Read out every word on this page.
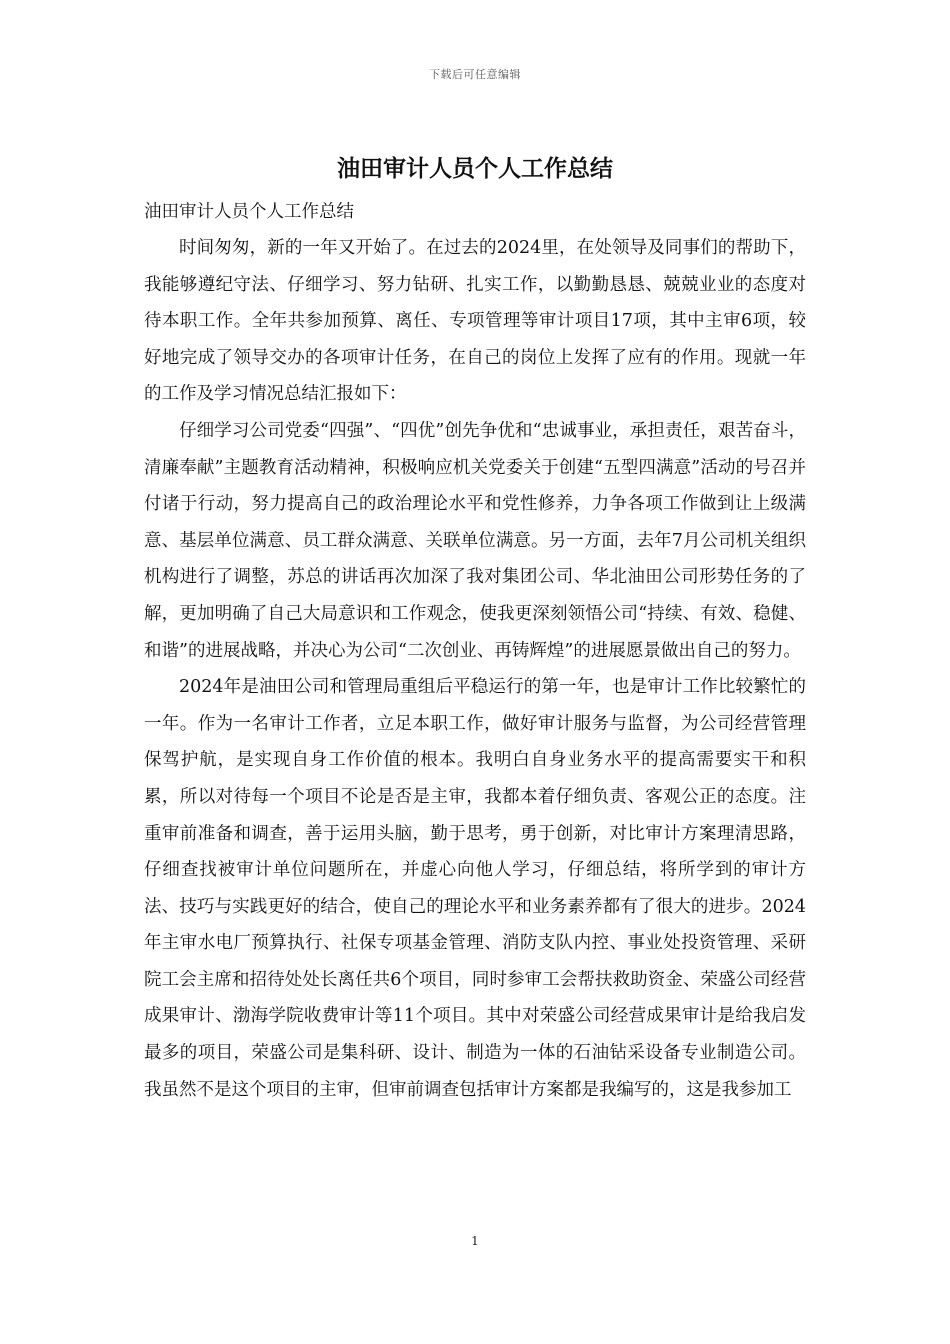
下载后可任意编辑
油田审计人员个人工作总结

油田审计人员个人工作总结

时间匆匆，新的一年又开始了。在过去的2024里，在处领导及同事们的帮助下，我能够遵纪守法、仔细学习、努力钻研、扎实工作，以勤勤恳恳、兢兢业业的态度对待本职工作。全年共参加预算、离任、专项管理等审计项目17项，其中主审6项，较好地完成了领导交办的各项审计任务，在自己的岗位上发挥了应有的作用。现就一年的工作及学习情况总结汇报如下：

仔细学习公司党委“四强”、“四优”创先争优和“忠诚事业，承担责任，艰苦奋斗，清廉奉献”主题教育活动精神，积极响应机关党委关于创建“五型四满意”活动的号召并付诸于行动，努力提高自己的政治理论水平和党性修养，力争各项工作做到让上级满意、基层单位满意、员工群众满意、关联单位满意。另一方面，去年7月公司机关组织机构进行了调整，苏总的讲话再次加深了我对集团公司、华北油田公司形势任务的了解，更加明确了自己大局意识和工作观念，使我更深刻领悟公司“持续、有效、稳健、和谐”的进展战略，并决心为公司“二次创业、再铸辉煌”的进展愿景做出自己的努力。

2024年是油田公司和管理局重组后平稳运行的第一年，也是审计工作比较繁忙的一年。作为一名审计工作者，立足本职工作，做好审计服务与监督，为公司经营管理保驾护航，是实现自身工作价值的根本。我明白自身业务水平的提高需要实干和积累，所以对待每一个项目不论是否是主审，我都本着仔细负责、客观公正的态度。注重审前准备和调查，善于运用头脑，勤于思考，勇于创新，对比审计方案理清思路，仔细查找被审计单位问题所在，并虚心向他人学习，仔细总结，将所学到的审计方法、技巧与实践更好的结合，使自己的理论水平和业务素养都有了很大的进步。2024年主审水电厂预算执行、社保专项基金管理、消防支队内控、事业处投资管理、采研院工会主席和招待处处长离任共6个项目，同时参审工会帮扶救助资金、荣盛公司经营成果审计、渤海学院收费审计等11个项目。其中对荣盛公司经营成果审计是给我启发最多的项目，荣盛公司是集科研、设计、制造为一体的石油钻采设备专业制造公司。我虽然不是这个项目的主审，但审前调查包括审计方案都是我编写的，这是我参加工

1
